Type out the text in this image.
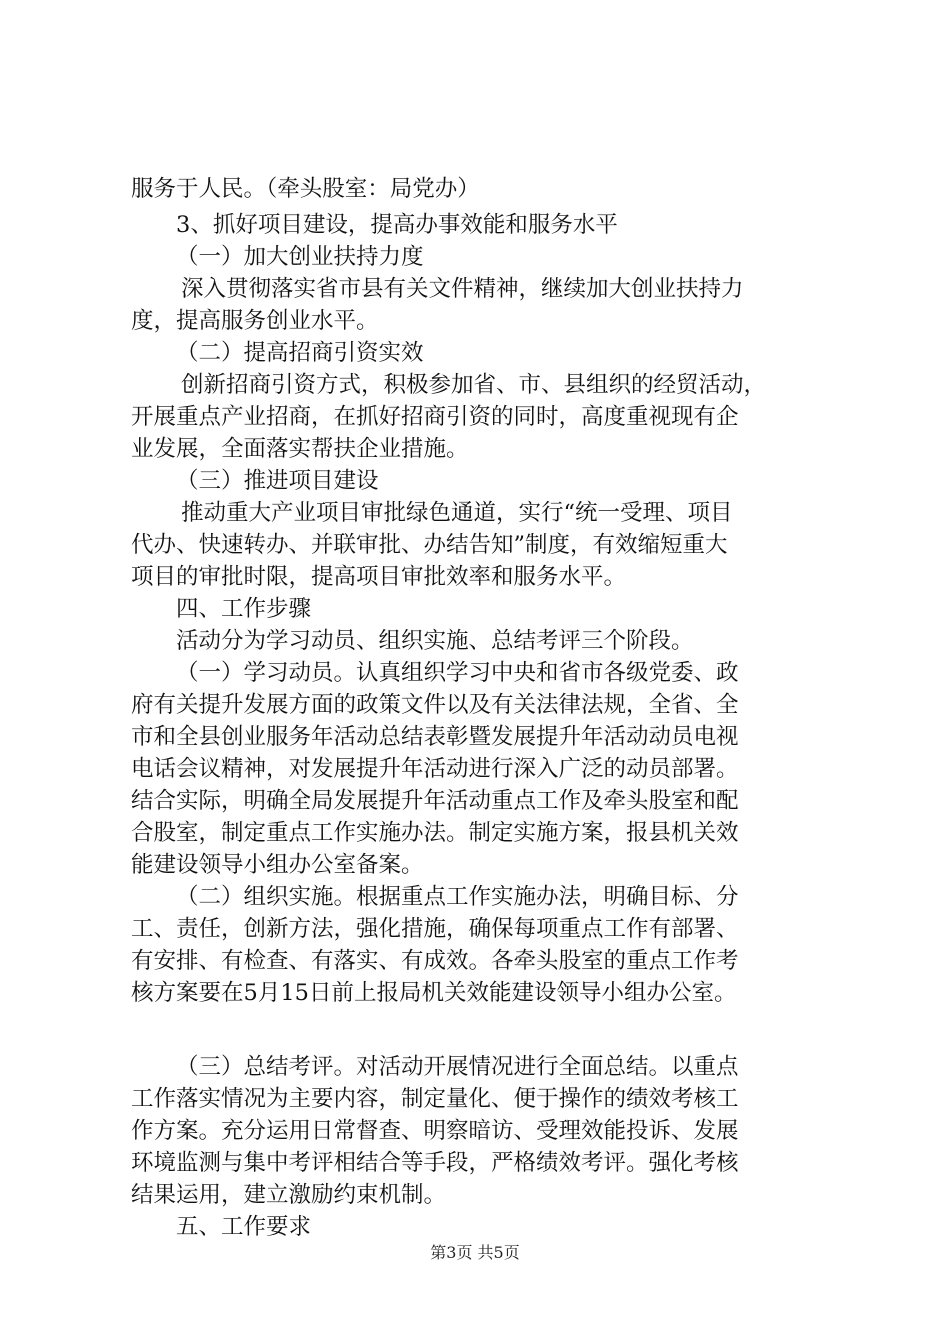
服务于人民。（牵头股室：局党办）
3、抓好项目建设，提高办事效能和服务水平
（一）加大创业扶持力度
深入贯彻落实省市县有关文件精神，继续加大创业扶持力
度，提高服务创业水平。
（二）提高招商引资实效
创新招商引资方式，积极参加省、市、县组织的经贸活动，
开展重点产业招商，在抓好招商引资的同时，高度重视现有企
业发展，全面落实帮扶企业措施。
（三）推进项目建设
推动重大产业项目审批绿色通道，实行“统一受理、项目
代办、快速转办、并联审批、办结告知”制度，有效缩短重大
项目的审批时限，提高项目审批效率和服务水平。
四、工作步骤
活动分为学习动员、组织实施、总结考评三个阶段。
（一）学习动员。认真组织学习中央和省市各级党委、政
府有关提升发展方面的政策文件以及有关法律法规，全省、全
市和全县创业服务年活动总结表彰暨发展提升年活动动员电视
电话会议精神，对发展提升年活动进行深入广泛的动员部署。
结合实际，明确全局发展提升年活动重点工作及牵头股室和配
合股室，制定重点工作实施办法。制定实施方案，报县机关效
能建设领导小组办公室备案。
（二）组织实施。根据重点工作实施办法，明确目标、分
工、责任，创新方法，强化措施，确保每项重点工作有部署、
有安排、有检查、有落实、有成效。各牵头股室的重点工作考
核方案要在5月15日前上报局机关效能建设领导小组办公室。
（三）总结考评。对活动开展情况进行全面总结。以重点
工作落实情况为主要内容，制定量化、便于操作的绩效考核工
作方案。充分运用日常督查、明察暗访、受理效能投诉、发展
环境监测与集中考评相结合等手段，严格绩效考评。强化考核
结果运用，建立激励约束机制。
五、工作要求
第3页 共5页
